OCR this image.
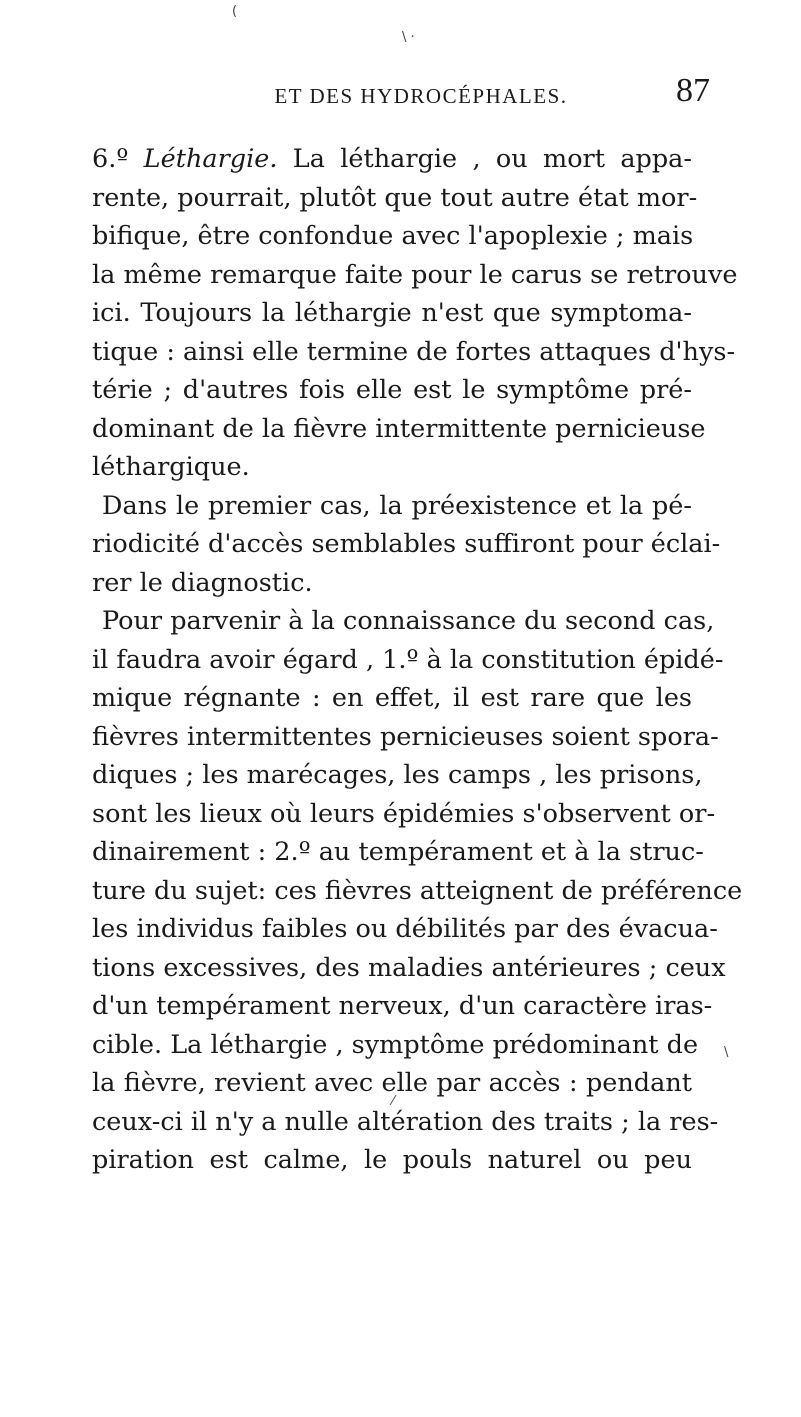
(
\ ·
ET DES HYDROCÉPHALES.	87
6.º Léthargie. La léthargie , ou mort appa-
rente, pourrait, plutôt que tout autre état mor-
bifique, être confondue avec l'apoplexie ; mais
la même remarque faite pour le carus se retrouve
ici. Toujours la léthargie n'est que symptoma-
tique : ainsi elle termine de fortes attaques d'hys-
térie ; d'autres fois elle est le symptôme pré-
dominant de la fièvre intermittente pernicieuse
léthargique.
Dans le premier cas, la préexistence et la pé-
riodicité d'accès semblables suffiront pour éclai-
rer le diagnostic.
Pour parvenir à la connaissance du second cas,
il faudra avoir égard , 1.º à la constitution épidé-
mique régnante : en effet, il est rare que les
fièvres intermittentes pernicieuses soient spora-
diques ; les marécages, les camps , les prisons,
sont les lieux où leurs épidémies s'observent or-
dinairement : 2.º au tempérament et à la struc-
ture du sujet: ces fièvres atteignent de préférence
les individus faibles ou débilités par des évacua-
tions excessives, des maladies antérieures ; ceux
d'un tempérament nerveux, d'un caractère iras-
cible. La léthargie , symptôme prédominant de
la fièvre, revient avec elle par accès : pendant
ceux-ci il n'y a nulle altération des traits ; la res-
piration est calme, le pouls naturel ou peu
\
⁄
